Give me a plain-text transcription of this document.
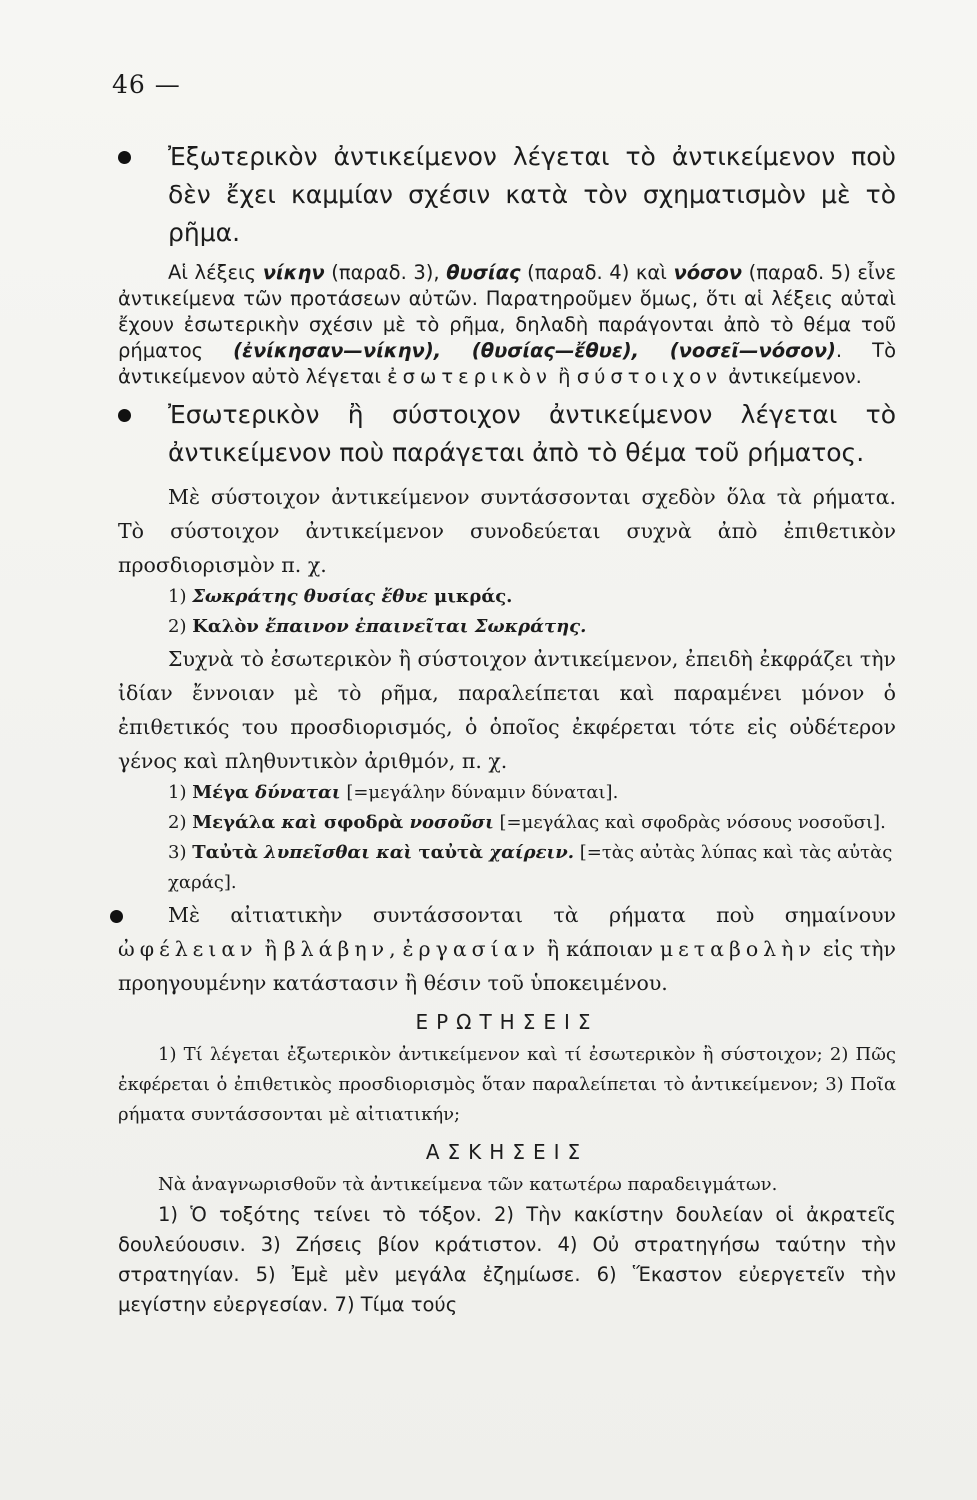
46 —

Ἐξωτερικὸν ἀντικείμενον λέγεται τὸ ἀντικείμενον ποὺ δὲν ἔχει καμμίαν σχέσιν κατὰ τὸν σχηματισμὸν μὲ τὸ ρῆμα.

Αἱ λέξεις νίκην (παραδ. 3), θυσίας (παραδ. 4) καὶ νόσον (παραδ. 5) εἶνε ἀντικείμενα τῶν προτάσεων αὐτῶν. Παρατηροῦμεν ὅμως, ὅτι αἱ λέξεις αὐταὶ ἔχουν ἐσωτερικὴν σχέσιν μὲ τὸ ρῆμα, δηλαδὴ παράγονται ἀπὸ τὸ θέμα τοῦ ρήματος (ἐνίκησαν—νίκην), (θυσίας—ἔθυε), (νοσεῖ—νόσον). Τὸ ἀντικείμενον αὐτὸ λέγεται ἐσωτερικὸν ἢ σύστοιχον ἀντικείμενον.

Ἐσωτερικὸν ἢ σύστοιχον ἀντικείμενον λέγεται τὸ ἀντικείμενον ποὺ παράγεται ἀπὸ τὸ θέμα τοῦ ρήματος.

Μὲ σύστοιχον ἀντικείμενον συντάσσονται σχεδὸν ὅλα τὰ ρήματα. Τὸ σύστοιχον ἀντικείμενον συνοδεύεται συχνὰ ἀπὸ ἐπιθετικὸν προσδιορισμὸν π. χ.

1) Σωκράτης θυσίας ἔθυε μικράς.

2) Καλὸν ἔπαινον ἐπαινεῖται Σωκράτης.

Συχνὰ τὸ ἐσωτερικὸν ἢ σύστοιχον ἀντικείμενον, ἐπειδὴ ἐκφράζει τὴν ἰδίαν ἔννοιαν μὲ τὸ ρῆμα, παραλείπεται καὶ παραμένει μόνον ὁ ἐπιθετικός του προσδιορισμός, ὁ ὁποῖος ἐκφέρεται τότε εἰς οὐδέτερον γένος καὶ πληθυντικὸν ἀριθμόν, π. χ.

1) Μέγα δύναται [=μεγάλην δύναμιν δύναται].

2) Μεγάλα καὶ σφοδρὰ νοσοῦσι [=μεγάλας καὶ σφοδρὰς νόσους νοσοῦσι].

3) Ταὐτὰ λυπεῖσθαι καὶ ταὐτὰ χαίρειν. [=τὰς αὐτὰς λύπας καὶ τὰς αὐτὰς χαράς].

Μὲ αἰτιατικὴν συντάσσονται τὰ ρήματα ποὺ σημαίνουν ὠφέλειαν ἢ βλάβην, ἐργασίαν ἢ κάποιαν μεταβολὴν εἰς τὴν προηγουμένην κατάστασιν ἢ θέσιν τοῦ ὑποκειμένου.

ΕΡΩΤΗΣΕΙΣ

1) Τί λέγεται ἐξωτερικὸν ἀντικείμενον καὶ τί ἐσωτερικὸν ἢ σύστοιχον; 2) Πῶς ἐκφέρεται ὁ ἐπιθετικὸς προσδιορισμὸς ὅταν παραλείπεται τὸ ἀντικείμενον; 3) Ποῖα ρήματα συντάσσονται μὲ αἰτιατικήν;

ΑΣΚΗΣΕΙΣ

Νὰ ἀναγνωρισθοῦν τὰ ἀντικείμενα τῶν κατωτέρω παραδειγμάτων.

1) Ὁ τοξότης τείνει τὸ τόξον. 2) Τὴν κακίστην δουλείαν οἱ ἀκρατεῖς δουλεύουσιν. 3) Ζήσεις βίον κράτιστον. 4) Οὐ στρατηγήσω ταύτην τὴν στρατηγίαν. 5) Ἐμὲ μὲν μεγάλα ἐζημίωσε. 6) Ἕκαστον εὐεργετεῖν τὴν μεγίστην εὐεργεσίαν. 7) Τίμα τούς
